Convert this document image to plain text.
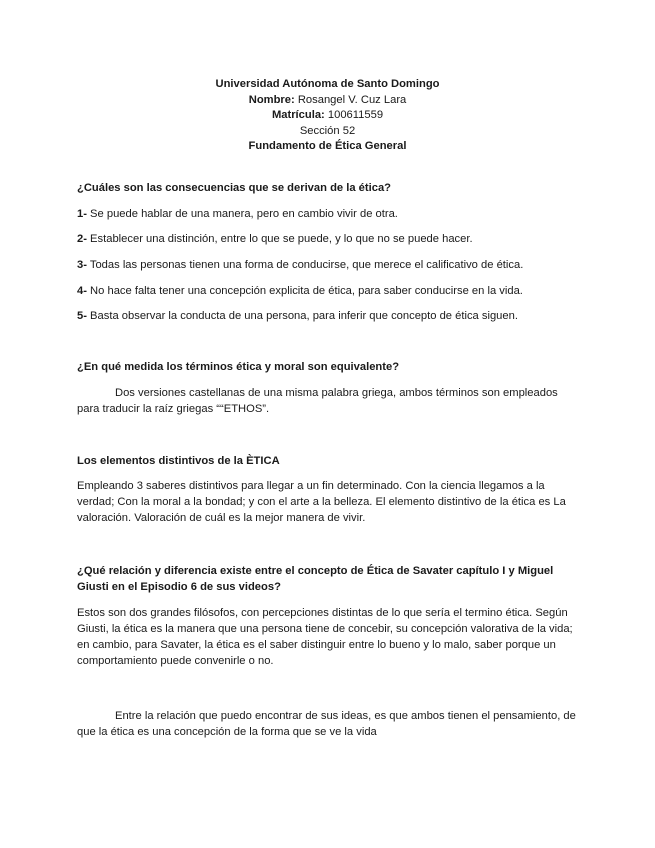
Universidad Autónoma de Santo Domingo
Nombre: Rosangel V. Cuz Lara
Matrícula: 100611559
Sección 52
Fundamento de Ética General

¿Cuáles son las consecuencias que se derivan de la ética?

1- Se puede hablar de una manera, pero en cambio vivir de otra.

2- Establecer una distinción, entre lo que se puede, y lo que no se puede hacer.

3- Todas las personas tienen una forma de conducirse, que merece el calificativo de ética.

4- No hace falta tener una concepción explicita de ética, para saber conducirse en la vida.

5- Basta observar la conducta de una persona, para inferir que concepto de ética siguen.

¿En qué medida los términos ética y moral son equivalente?

Dos versiones castellanas de una misma palabra griega, ambos términos son empleados para traducir la raíz griegas ““ETHOS”.

Los elementos distintivos de la ÈTICA

Empleando 3 saberes distintivos para llegar a un fin determinado. Con la ciencia llegamos a la verdad; Con la moral a la bondad; y con el arte a la belleza. El elemento distintivo de la ética es La valoración. Valoración de cuál es la mejor manera de vivir.

¿Qué relación y diferencia existe entre el concepto de Ética de Savater capítulo I y Miguel Giusti en el Episodio 6 de sus videos?

Estos son dos grandes filósofos, con percepciones distintas de lo que sería el termino ética. Según Giusti, la ética es la manera que una persona tiene de concebir, su concepción valorativa de la vida; en cambio, para Savater, la ética es el saber distinguir entre lo bueno y lo malo, saber porque un comportamiento puede convenirle o no.

Entre la relación que puedo encontrar de sus ideas, es que ambos tienen el pensamiento, de que la ética es una concepción de la forma que se ve la vida
